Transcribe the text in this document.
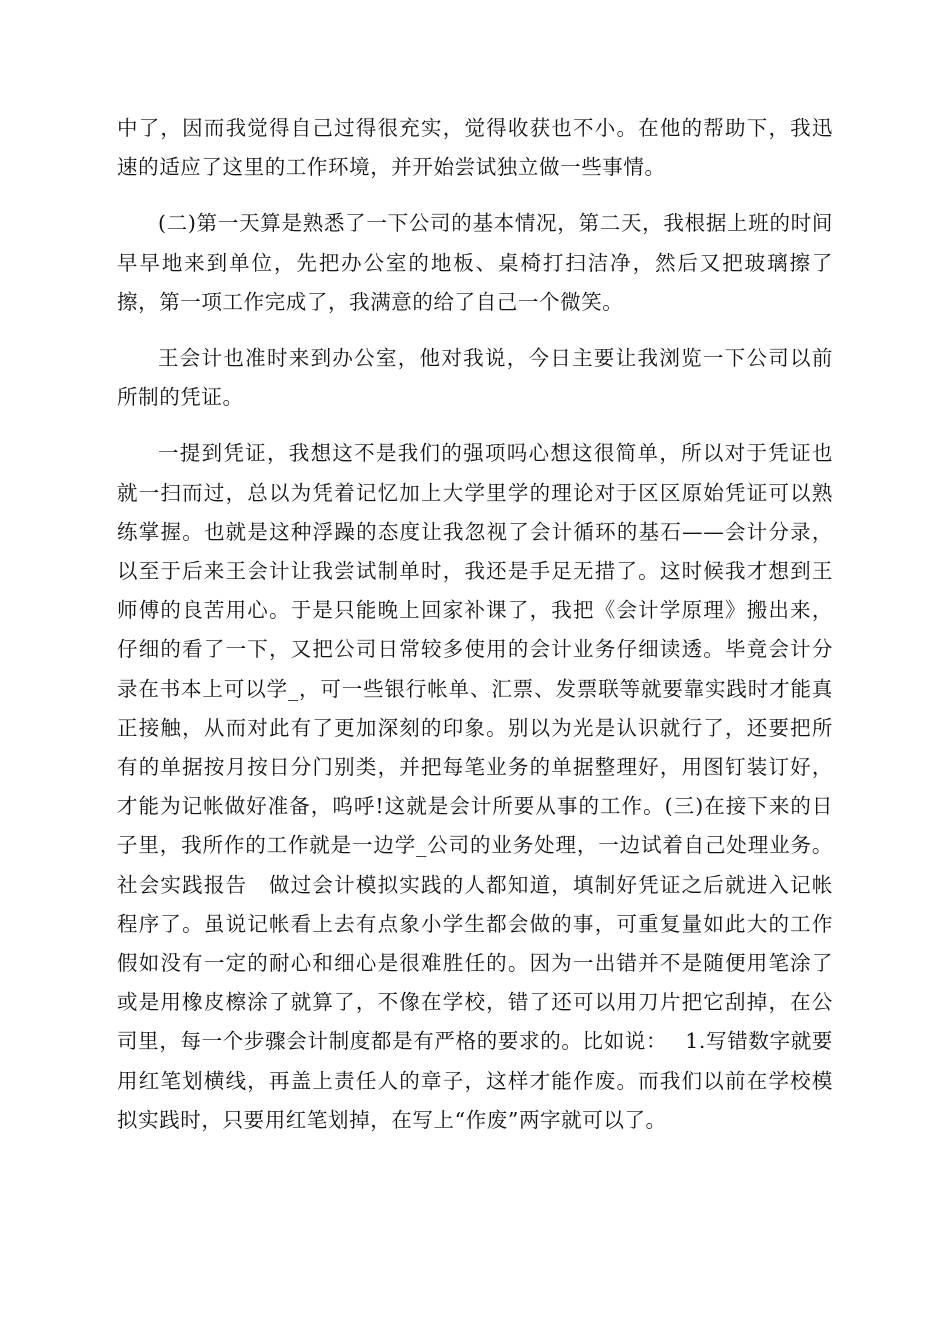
中了，因而我觉得自己过得很充实，觉得收获也不小。在他的帮助下，我迅速的适应了这里的工作环境，并开始尝试独立做一些事情。

(二)第一天算是熟悉了一下公司的基本情况，第二天，我根据上班的时间早早地来到单位，先把办公室的地板、桌椅打扫洁净，然后又把玻璃擦了擦，第一项工作完成了，我满意的给了自己一个微笑。

王会计也准时来到办公室，他对我说，今日主要让我浏览一下公司以前所制的凭证。

一提到凭证，我想这不是我们的强项吗心想这很简单，所以对于凭证也就一扫而过，总以为凭着记忆加上大学里学的理论对于区区原始凭证可以熟练掌握。也就是这种浮躁的态度让我忽视了会计循环的基石——会计分录，以至于后来王会计让我尝试制单时，我还是手足无措了。这时候我才想到王师傅的良苦用心。于是只能晚上回家补课了，我把《会计学原理》搬出来，仔细的看了一下，又把公司日常较多使用的会计业务仔细读透。毕竟会计分录在书本上可以学_，可一些银行帐单、汇票、发票联等就要靠实践时才能真正接触，从而对此有了更加深刻的印象。别以为光是认识就行了，还要把所有的单据按月按日分门别类，并把每笔业务的单据整理好，用图钉装订好，才能为记帐做好准备，呜呼!这就是会计所要从事的工作。(三)在接下来的日子里，我所作的工作就是一边学_公司的业务处理，一边试着自己处理业务。社会实践报告　做过会计模拟实践的人都知道，填制好凭证之后就进入记帐程序了。虽说记帐看上去有点象小学生都会做的事，可重复量如此大的工作假如没有一定的耐心和细心是很难胜任的。因为一出错并不是随便用笔涂了或是用橡皮檫涂了就算了，不像在学校，错了还可以用刀片把它刮掉，在公司里，每一个步骤会计制度都是有严格的要求的。比如说：　 1.写错数字就要用红笔划横线，再盖上责任人的章子，这样才能作废。而我们以前在学校模拟实践时，只要用红笔划掉，在写上“作废”两字就可以了。
